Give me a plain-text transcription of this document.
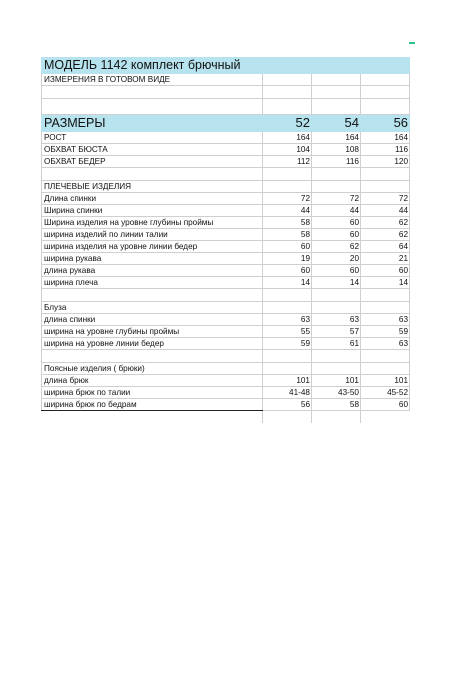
МОДЕЛЬ 1142 комплект брючный			
ИЗМЕРЕНИЯ В ГОТОВОМ ВИДЕ			

РАЗМЕРЫ	52	54	56
РОСТ	164	164	164
ОБХВАТ БЮСТА	104	108	116
ОБХВАТ БЕДЕР	112	116	120

ПЛЕЧЕВЫЕ ИЗДЕЛИЯ			
Длина спинки	72	72	72
Ширина спинки	44	44	44
Ширина изделия на уровне глубины проймы	58	60	62
ширина изделий по линии талии	58	60	62
ширина изделия на уровне линии бедер	60	62	64
ширина рукава	19	20	21
длина рукава	60	60	60
ширина плеча	14	14	14

Блуза			
длина спинки	63	63	63
ширина на уровне глубины проймы	55	57	59
ширина на уровне линии бедер	59	61	63

Поясные изделия ( брюки)			
длина брюк	101	101	101
ширина брюк по талии	41-48	43-50	45-52
ширина брюк по бедрам	56	58	60
